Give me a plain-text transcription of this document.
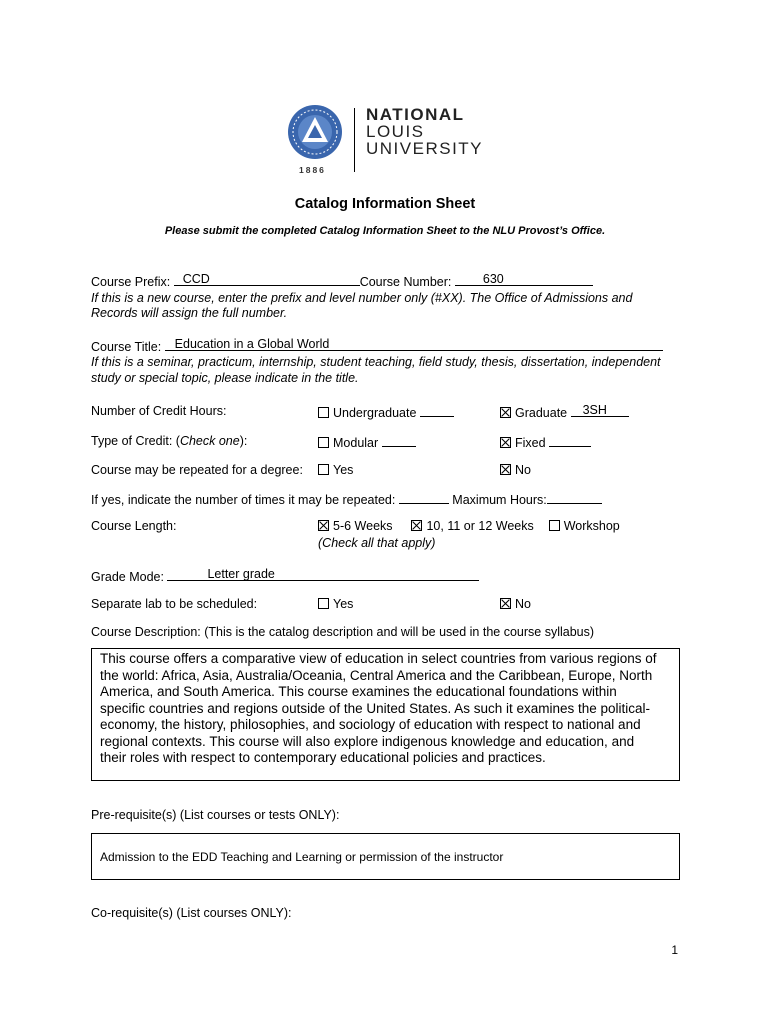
NATIONAL
LOUIS
UNIVERSITY
1886
Catalog Information Sheet
Please submit the completed Catalog Information Sheet to the NLU Provost’s Office.
Course Prefix: CCD	Course Number:	630
If this is a new course, enter the prefix and level number only (#XX). The Office of Admissions and
Records will assign the full number.
Course Title: Education in a Global World
If this is a seminar, practicum, internship, student teaching, field study, thesis, dissertation, independent
study or special topic, please indicate in the title.
Number of Credit Hours:	Undergraduate	Graduate 3SH
Type of Credit: (Check one):	Modular	Fixed
Course may be repeated for a degree:	Yes	No
If yes, indicate the number of times it may be repeated:	Maximum Hours:
Course Length:	5-6 Weeks	10, 11 or 12 Weeks Workshop
(Check all that apply)
Grade Mode:	Letter grade
Separate lab to be scheduled:	Yes	No
Course Description: (This is the catalog description and will be used in the course syllabus)
This course offers a comparative view of education in select countries from various regions of
the world: Africa, Asia, Australia/Oceania, Central America and the Caribbean, Europe, North
America, and South America. This course examines the educational foundations within
specific countries and regions outside of the United States. As such it examines the political-
economy, the history, philosophies, and sociology of education with respect to national and
regional contexts. This course will also explore indigenous knowledge and education, and
their roles with respect to contemporary educational policies and practices.
Pre-requisite(s) (List courses or tests ONLY):
Admission to the EDD Teaching and Learning or permission of the instructor
Co-requisite(s) (List courses ONLY):
1
